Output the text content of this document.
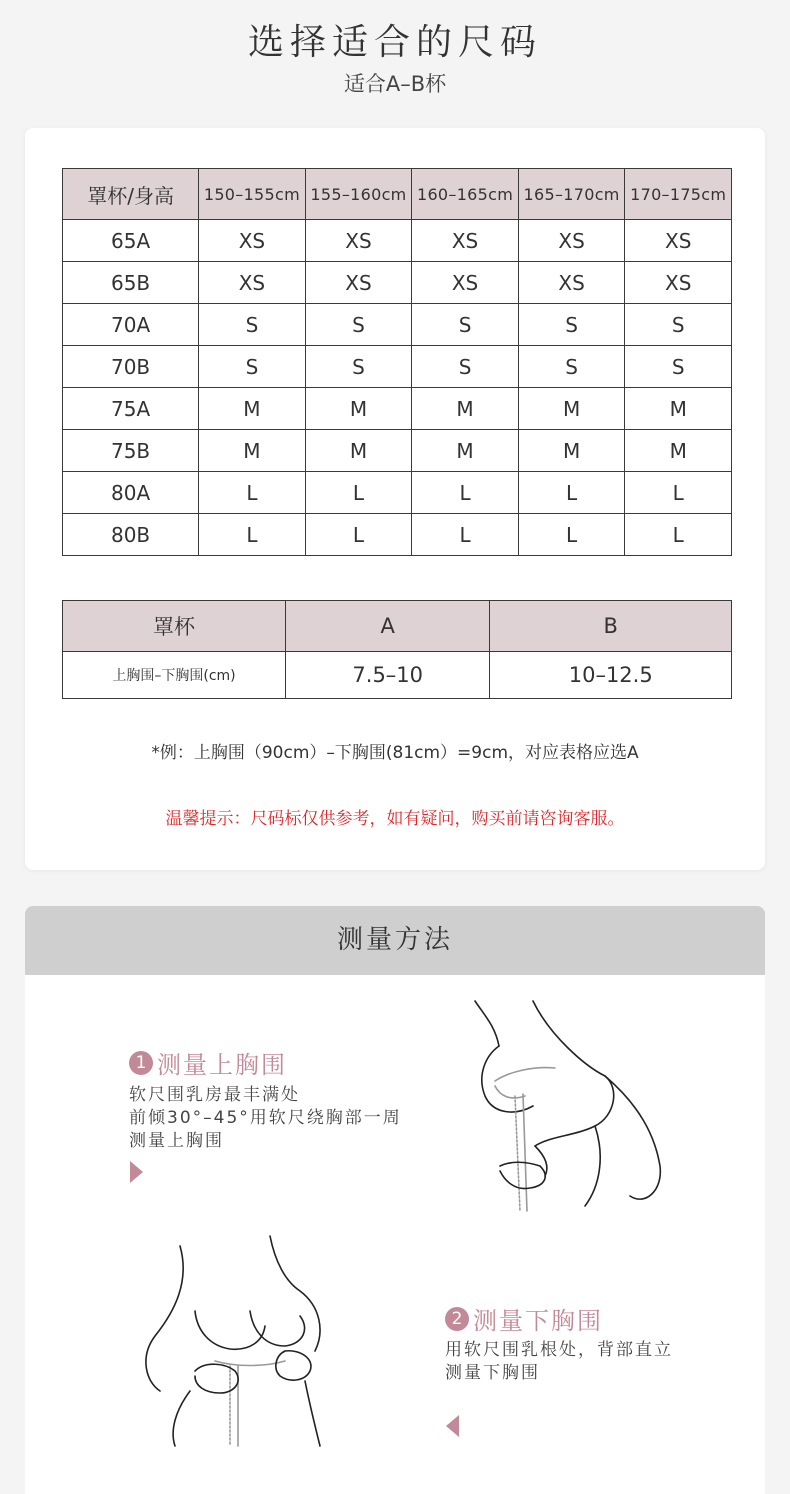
选择适合的尺码
适合A–B杯
罩杯/身高	150–155cm	155–160cm	160–165cm	165–170cm	170–175cm
65A	XS	XS	XS	XS	XS
65B	XS	XS	XS	XS	XS
70A	S	S	S	S	S
70B	S	S	S	S	S
75A	M	M	M	M	M
75B	M	M	M	M	M
80A	L	L	L	L	L
80B	L	L	L	L	L
罩杯	A	B
上胸围–下胸围(cm)	7.5–10	10–12.5
*例：上胸围（90cm）–下胸围(81cm）=9cm，对应表格应选A
温馨提示：尺码标仅供参考，如有疑问，购买前请咨询客服。
测量方法
1 测量上胸围
软尺围乳房最丰满处
前倾30°–45°用软尺绕胸部一周
测量上胸围
2 测量下胸围
用软尺围乳根处，背部直立
测量下胸围
